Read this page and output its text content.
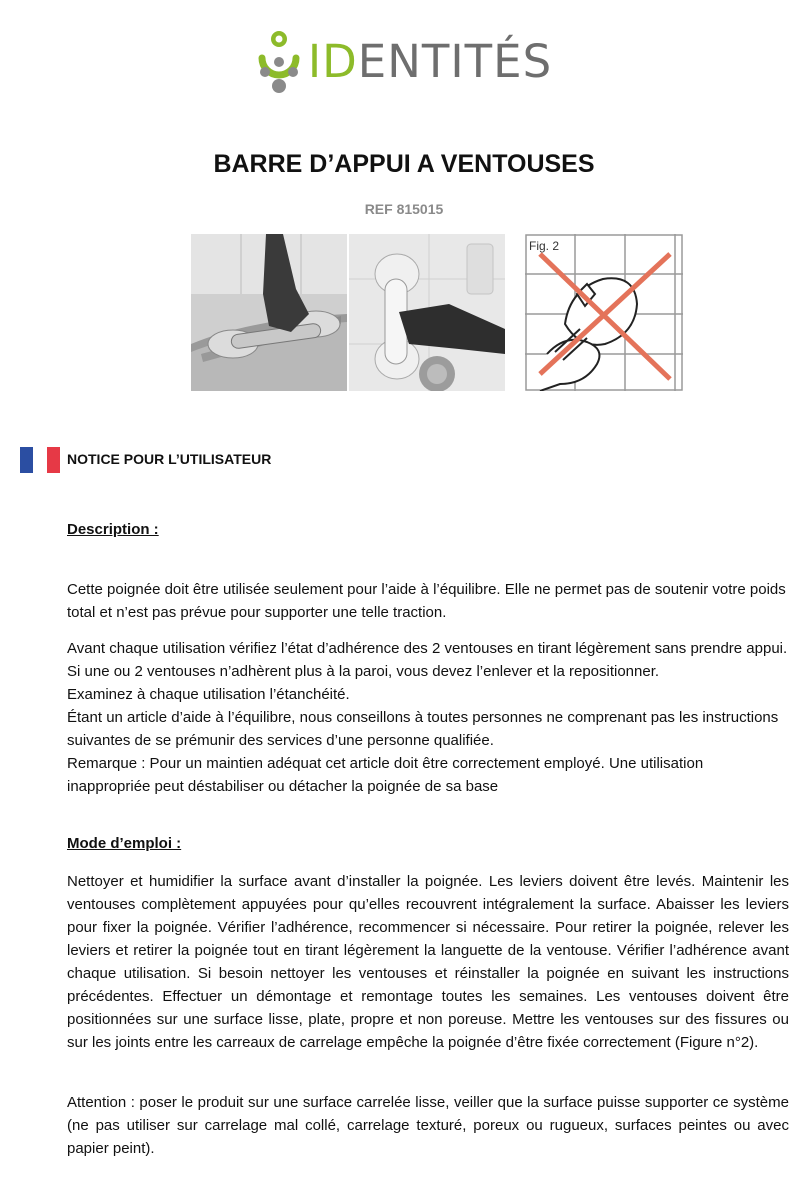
IDENTITÉS
BARRE D’APPUI A VENTOUSES
REF 815015
Fig. 2
NOTICE POUR L’UTILISATEUR
Description :

Cette poignée doit être utilisée seulement pour l’aide à l’équilibre. Elle ne permet pas de soutenir votre poids total et n’est pas prévue pour supporter une telle traction.

Avant chaque utilisation vérifiez l’état d’adhérence des 2 ventouses en tirant légèrement sans prendre appui. Si une ou 2 ventouses n’adhèrent plus à la paroi, vous devez l’enlever et la repositionner.
Examinez à chaque utilisation l’étanchéité.
Étant un article d’aide à l’équilibre, nous conseillons à toutes personnes ne comprenant pas les instructions suivantes de se prémunir des services d’une personne qualifiée.
Remarque : Pour un maintien adéquat cet article doit être correctement employé. Une utilisation inappropriée peut déstabiliser ou détacher la poignée de sa base
Mode d’emploi :

Nettoyer et humidifier la surface avant d’installer la poignée. Les leviers doivent être levés. Maintenir les ventouses complètement appuyées pour qu’elles recouvrent intégralement la surface. Abaisser les leviers pour fixer la poignée. Vérifier l’adhérence, recommencer si nécessaire. Pour retirer la poignée, relever les leviers et retirer la poignée tout en tirant légèrement la languette de la ventouse. Vérifier l’adhérence avant chaque utilisation. Si besoin nettoyer les ventouses et réinstaller la poignée en suivant les instructions précédentes. Effectuer un démontage et remontage toutes les semaines. Les ventouses doivent être positionnées sur une surface lisse, plate, propre et non poreuse. Mettre les ventouses sur des fissures ou sur les joints entre les carreaux de carrelage empêche la poignée d’être fixée correctement (Figure n°2).

Attention : poser le produit sur une surface carrelée lisse, veiller que la surface puisse supporter ce système (ne pas utiliser sur carrelage mal collé, carrelage texturé, poreux ou rugueux, surfaces peintes ou avec papier peint).
